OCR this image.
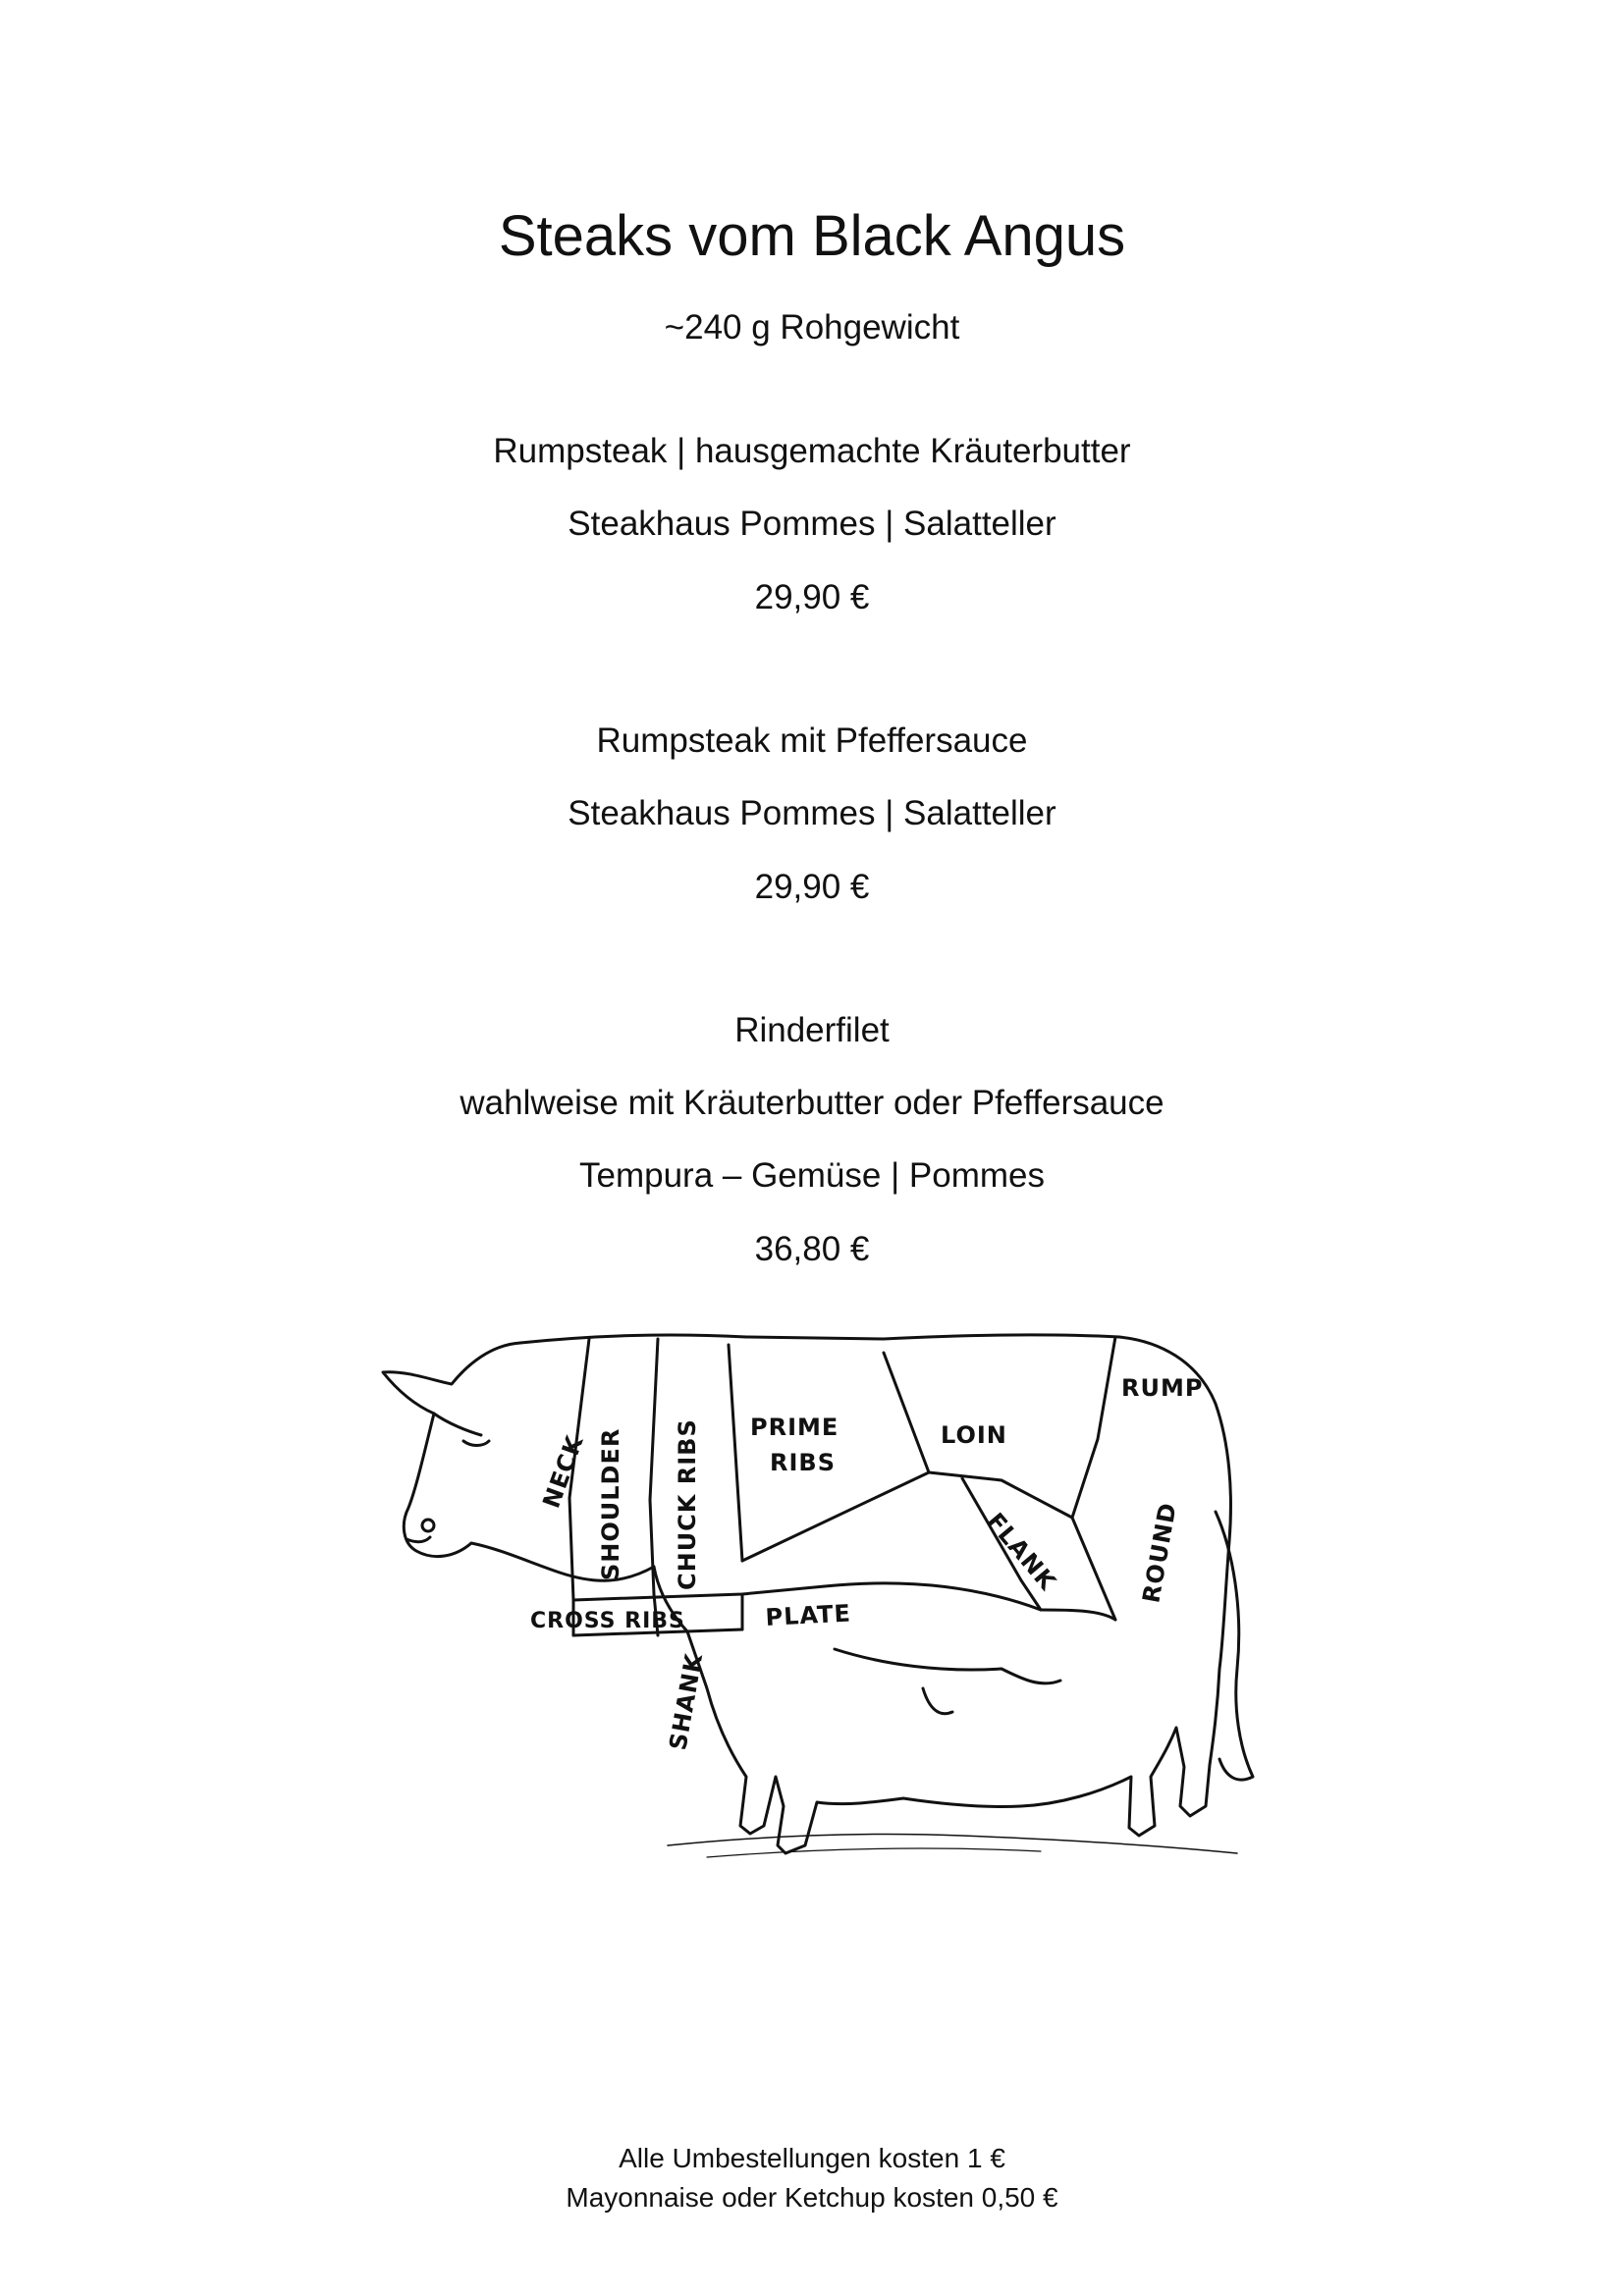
Steaks vom Black Angus
~240 g Rohgewicht
Rumpsteak | hausgemachte Kräuterbutter
Steakhaus Pommes | Salatteller
29,90 €
Rumpsteak mit Pfeffersauce
Steakhaus Pommes | Salatteller
29,90 €
Rinderfilet
wahlweise mit Kräuterbutter oder Pfeffersauce
Tempura – Gemüse | Pommes
36,80 €
NECK SHOULDER CHUCK RIBS PRIME
RIBS
LOIN
RUMP
ROUND
FLANK
PLATE
CROSS RIBS
SHANK
Alle Umbestellungen kosten 1 €
Mayonnaise oder Ketchup kosten 0,50 €
